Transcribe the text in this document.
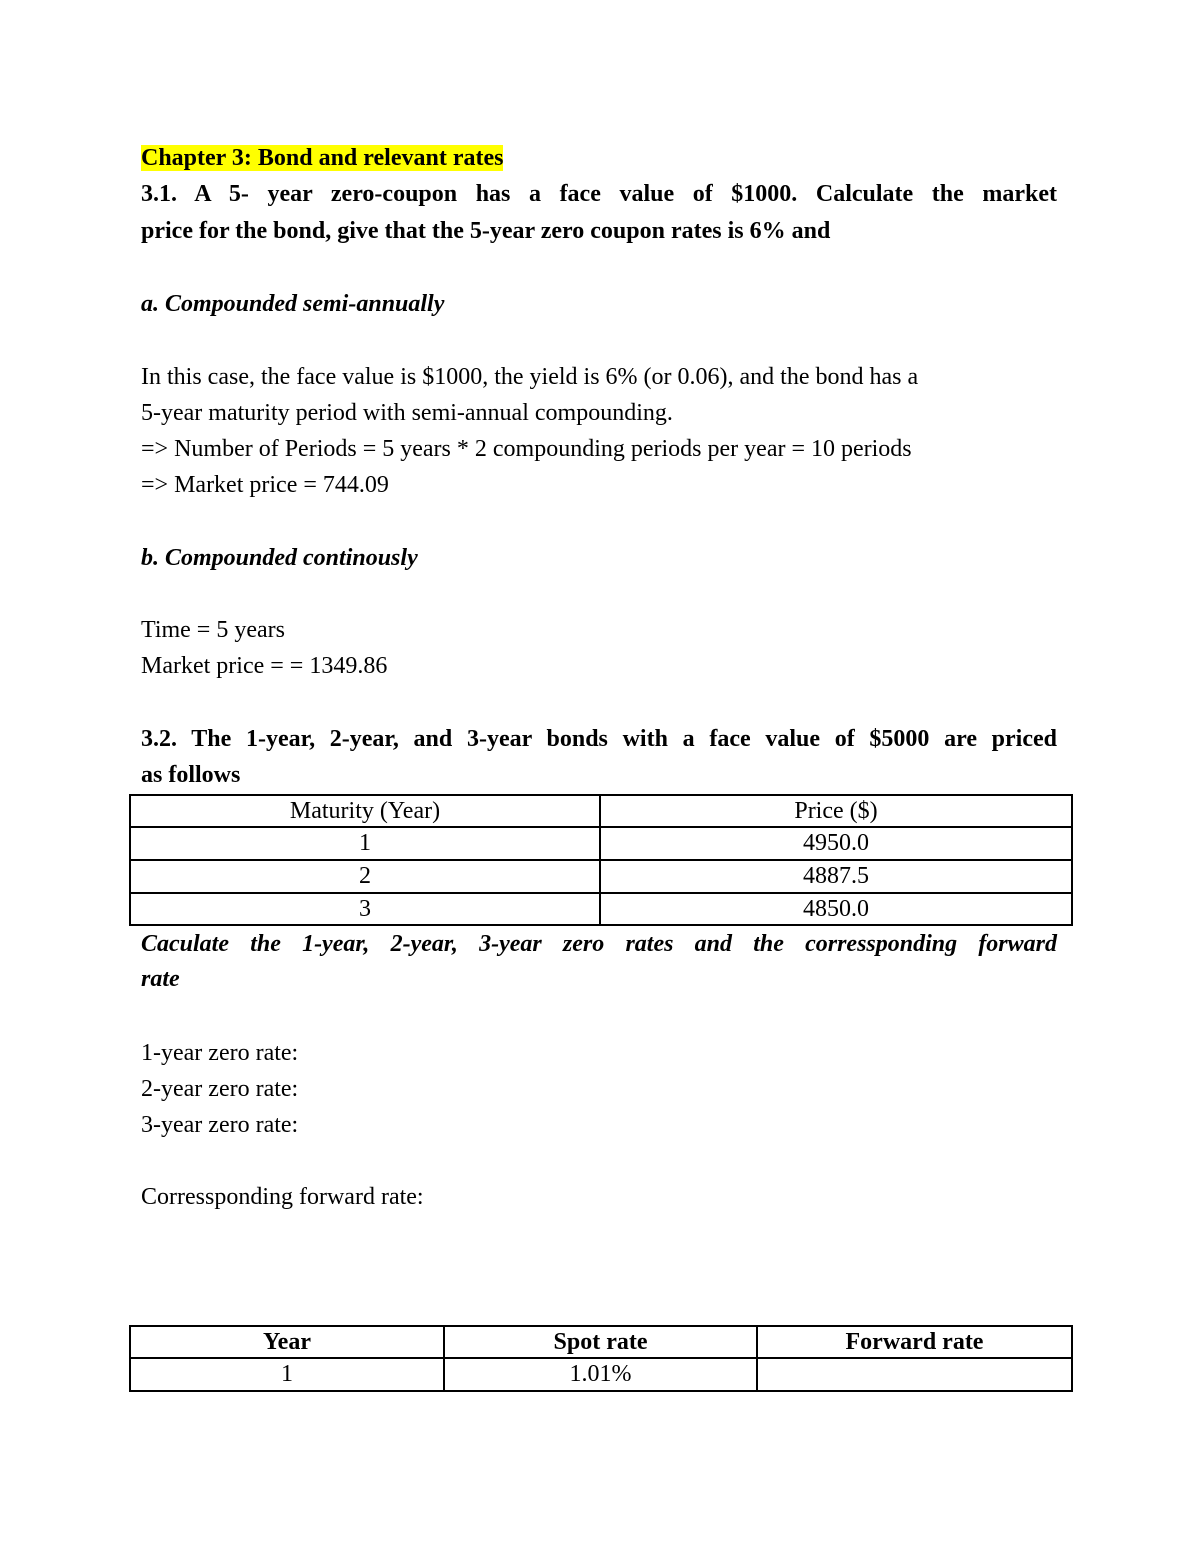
Chapter 3: Bond and relevant rates
3.1. A 5- year zero-coupon has a face value of $1000. Calculate the market
price for the bond, give that the 5-year zero coupon rates is 6% and
a. Compounded semi-annually
In this case, the face value is $1000, the yield is 6% (or 0.06), and the bond has a
5-year maturity period with semi-annual compounding.
=> Number of Periods = 5 years * 2 compounding periods per year = 10 periods
=> Market price = 744.09
b. Compounded continously
Time = 5 years
Market price = = 1349.86
3.2. The 1-year, 2-year, and 3-year bonds with a face value of $5000 are priced
as follows
Maturity (Year)	Price ($)
1	4950.0
2	4887.5
3	4850.0
Caculate the 1-year, 2-year, 3-year zero rates and the corressponding forward
rate
1-year zero rate:
2-year zero rate:
3-year zero rate:
Corressponding forward rate:
Year	Spot rate	Forward rate
1	1.01%	
